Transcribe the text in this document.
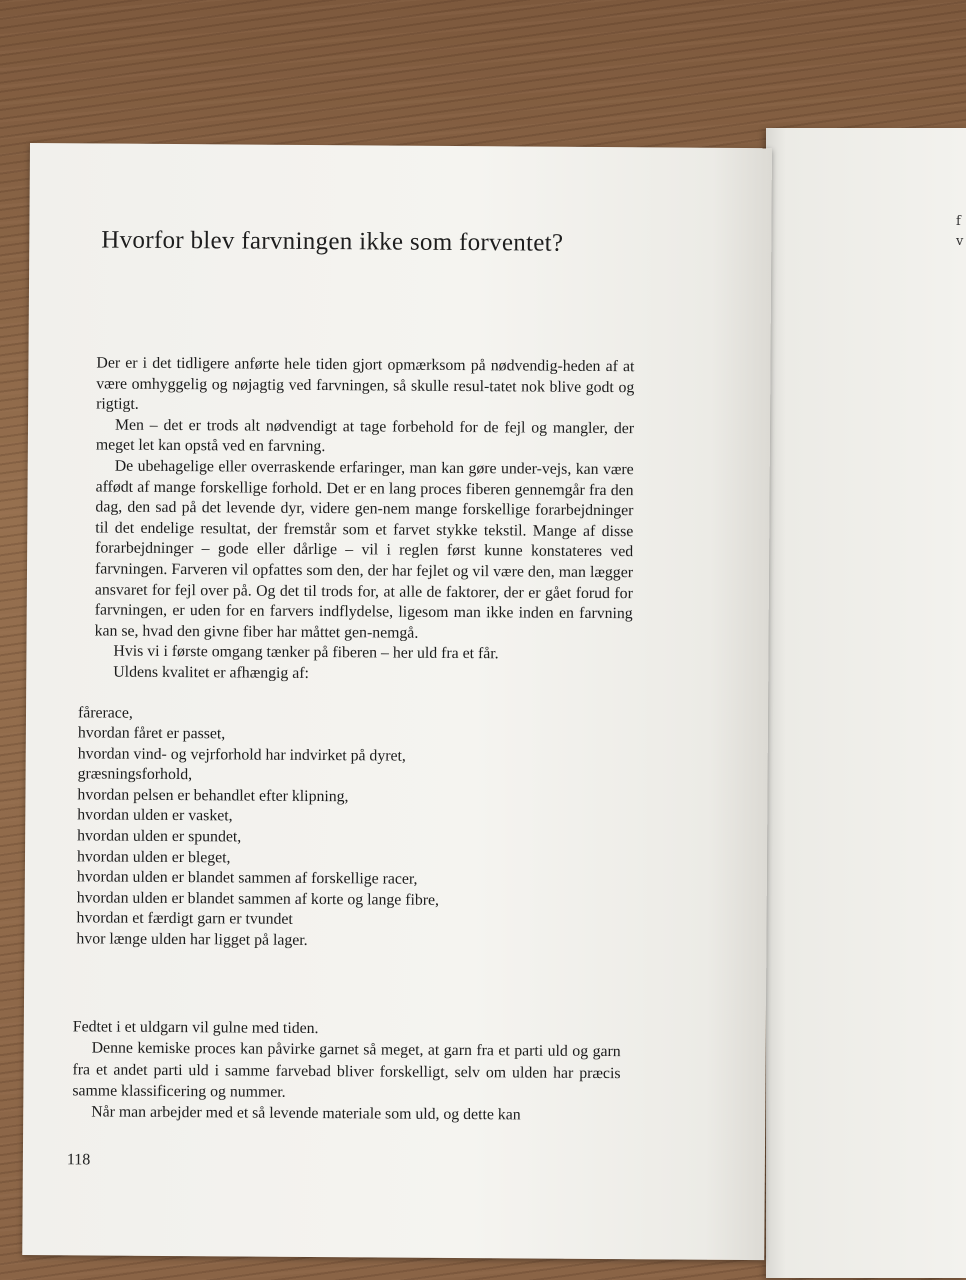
f
v
Hvorfor blev farvningen ikke som forventet?

Der er i det tidligere anførte hele tiden gjort opmærksom på nødvendig-heden af at være omhyggelig og nøjagtig ved farvningen, så skulle resul-tatet nok blive godt og rigtigt.

Men – det er trods alt nødvendigt at tage forbehold for de fejl og mangler, der meget let kan opstå ved en farvning.

De ubehagelige eller overraskende erfaringer, man kan gøre under-vejs, kan være affødt af mange forskellige forhold. Det er en lang proces fiberen gennemgår fra den dag, den sad på det levende dyr, videre gen-nem mange forskellige forarbejdninger til det endelige resultat, der fremstår som et farvet stykke tekstil. Mange af disse forarbejdninger – gode eller dårlige – vil i reglen først kunne konstateres ved farvningen. Farveren vil opfattes som den, der har fejlet og vil være den, man lægger ansvaret for fejl over på. Og det til trods for, at alle de faktorer, der er gået forud for farvningen, er uden for en farvers indflydelse, ligesom man ikke inden en farvning kan se, hvad den givne fiber har måttet gen-nemgå.

Hvis vi i første omgang tænker på fiberen – her uld fra et får.

Uldens kvalitet er afhængig af:

fårerace,
hvordan fåret er passet,
hvordan vind- og vejrforhold har indvirket på dyret,
græsningsforhold,
hvordan pelsen er behandlet efter klipning,
hvordan ulden er vasket,
hvordan ulden er spundet,
hvordan ulden er bleget,
hvordan ulden er blandet sammen af forskellige racer,
hvordan ulden er blandet sammen af korte og lange fibre,
hvordan et færdigt garn er tvundet
hvor længe ulden har ligget på lager.

Fedtet i et uldgarn vil gulne med tiden.

Denne kemiske proces kan påvirke garnet så meget, at garn fra et parti uld og garn fra et andet parti uld i samme farvebad bliver forskelligt, selv om ulden har præcis samme klassificering og nummer.

Når man arbejder med et så levende materiale som uld, og dette kan

118
